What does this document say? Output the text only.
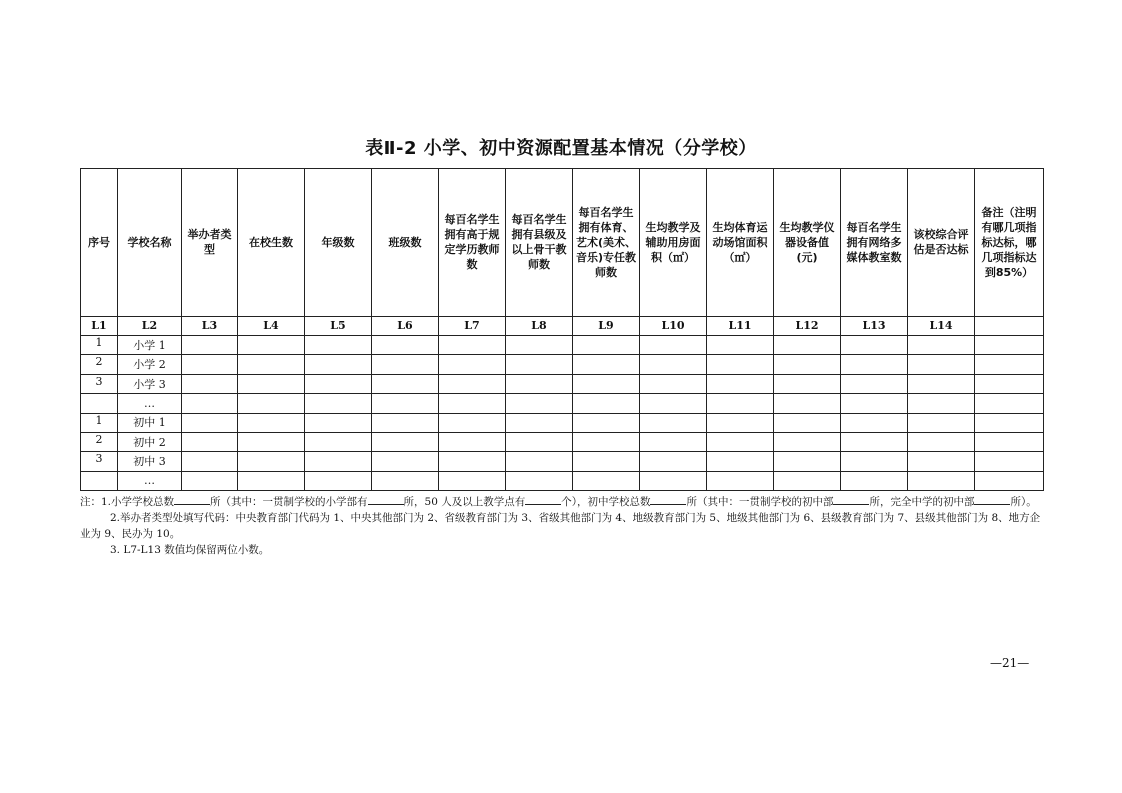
表Ⅱ-2 小学、初中资源配置基本情况（分学校）
序号	学校名称	举办者类型	在校生数	年级数	班级数	每百名学生拥有高于规定学历教师数	每百名学生拥有县级及以上骨干教师数	每百名学生拥有体育、艺术(美术、音乐)专任教师数	生均教学及辅助用房面积（㎡）	生均体育运动场馆面积（㎡）	生均教学仪器设备值(元)	每百名学生拥有网络多媒体教室数	该校综合评估是否达标	备注（注明有哪几项指标达标，哪几项指标达到85%）
L1	L2	L3	L4	L5	L6	L7	L8	L9	L10	L11	L12	L13	L14	
1	小学 1													
2	小学 2													
3	小学 3													
	…													
1	初中 1													
2	初中 2													
3	初中 3													
	…													

注：1.小学学校总数	所（其中：一贯制学校的小学部有	所，50 人及以上教学点有	个），初中学校总数	所（其中：一贯制学校的初中部	所，完全中学的初中部	所）。

2.举办者类型处填写代码：中央教育部门代码为 1、中央其他部门为 2、省级教育部门为 3、省级其他部门为 4、地级教育部门为 5、地级其他部门为 6、县级教育部门为 7、县级其他部门为 8、地方企业为 9、民办为 10。

3. L7-L13 数值均保留两位小数。

—21—
